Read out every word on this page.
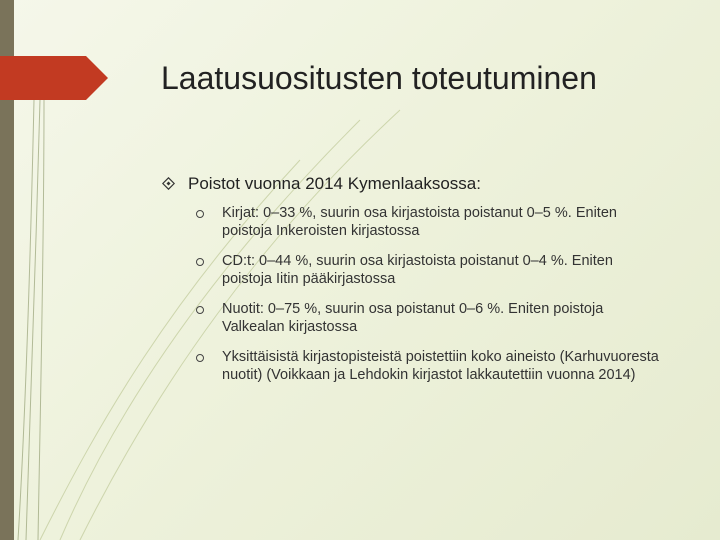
Laatusuositusten toteutuminen
Poistot vuonna 2014 Kymenlaaksossa:
Kirjat: 0–33 %, suurin osa kirjastoista poistanut 0–5 %. Eniten poistoja Inkeroisten kirjastossa
CD:t: 0–44 %, suurin osa kirjastoista poistanut 0–4 %. Eniten poistoja Iitin pääkirjastossa
Nuotit: 0–75 %, suurin osa poistanut 0–6 %. Eniten poistoja Valkealan kirjastossa
Yksittäisistä kirjastopisteistä poistettiin koko aineisto (Karhuvuoresta nuotit) (Voikkaan ja Lehdokin kirjastot lakkautettiin vuonna 2014)
